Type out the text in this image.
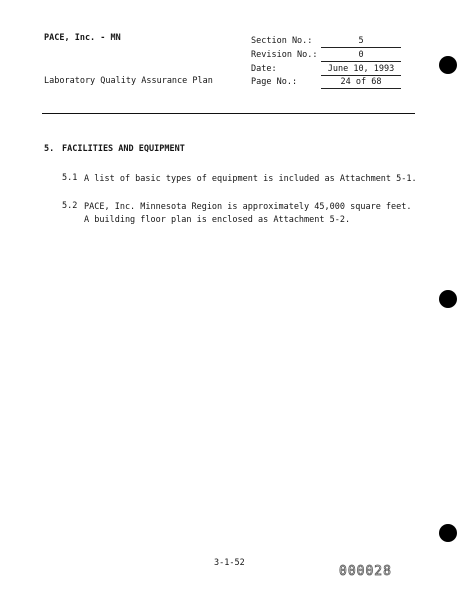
PACE, Inc. - MN
Laboratory Quality Assurance Plan
Section No.:	5
Revision No.:	0
Date:	June 10, 1993
Page No.:	24 of 68
5. FACILITIES AND EQUIPMENT
5.1 A list of basic types of equipment is included as Attachment 5-1.
5.2 PACE, Inc. Minnesota Region is approximately 45,000 square feet. A building floor plan is enclosed as Attachment 5-2.
3-1-52
000028
